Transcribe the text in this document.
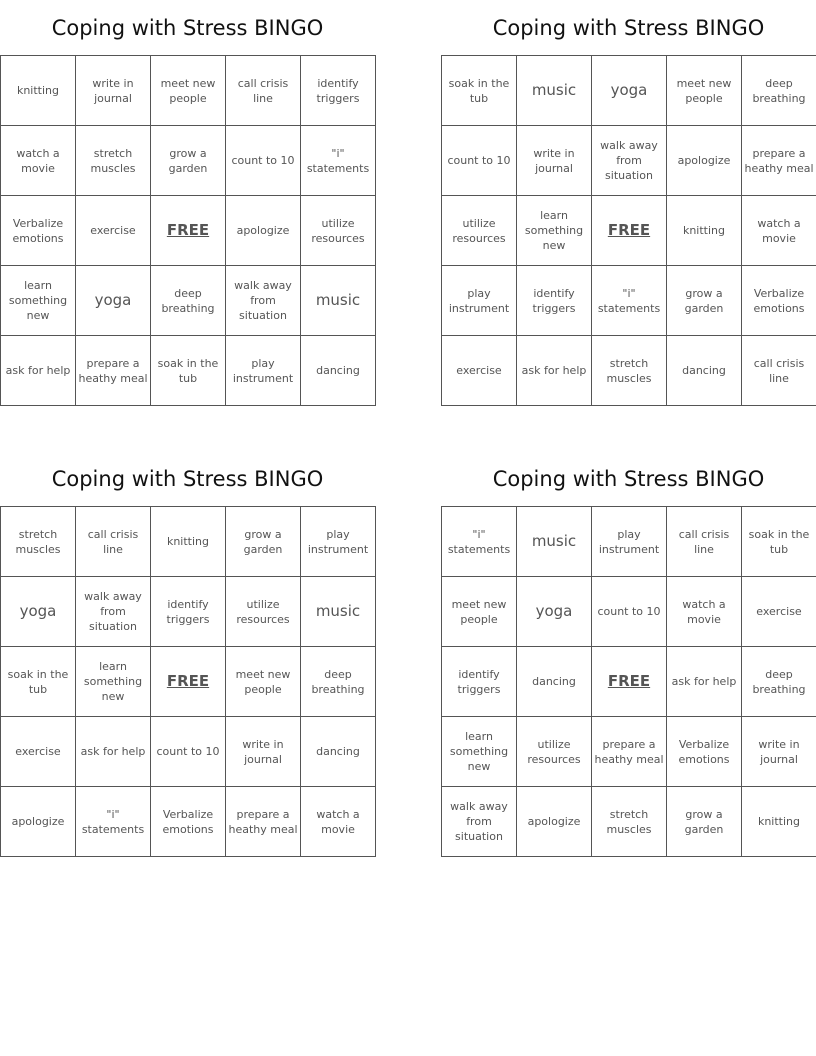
Coping with Stress BINGO
knitting	write in journal	meet new people	call crisis line	identify triggers

watch a movie	stretch muscles	grow a garden	count to 10	"i" statements

Verbalize emotions	exercise	FREE	apologize	utilize resources

learn something new	yoga	deep breathing	walk away from situation	music

ask for help	prepare a heathy meal	soak in the tub	play instrument	dancing
Coping with Stress BINGO
soak in the tub	music	yoga	meet new people	deep breathing

count to 10	write in journal	walk away from situation	apologize	prepare a heathy meal

utilize resources	learn something new	FREE	knitting	watch a movie

play instrument	identify triggers	"i" statements	grow a garden	Verbalize emotions

exercise	ask for help	stretch muscles	dancing	call crisis line
Coping with Stress BINGO
stretch muscles	call crisis line	knitting	grow a garden	play instrument

yoga	walk away from situation	identify triggers	utilize resources	music

soak in the tub	learn something new	FREE	meet new people	deep breathing

exercise	ask for help	count to 10	write in journal	dancing

apologize	"i" statements	Verbalize emotions	prepare a heathy meal	watch a movie
Coping with Stress BINGO
"i" statements	music	play instrument	call crisis line	soak in the tub

meet new people	yoga	count to 10	watch a movie	exercise

identify triggers	dancing	FREE	ask for help	deep breathing

learn something new	utilize resources	prepare a heathy meal	Verbalize emotions	write in journal

walk away from situation	apologize	stretch muscles	grow a garden	knitting
